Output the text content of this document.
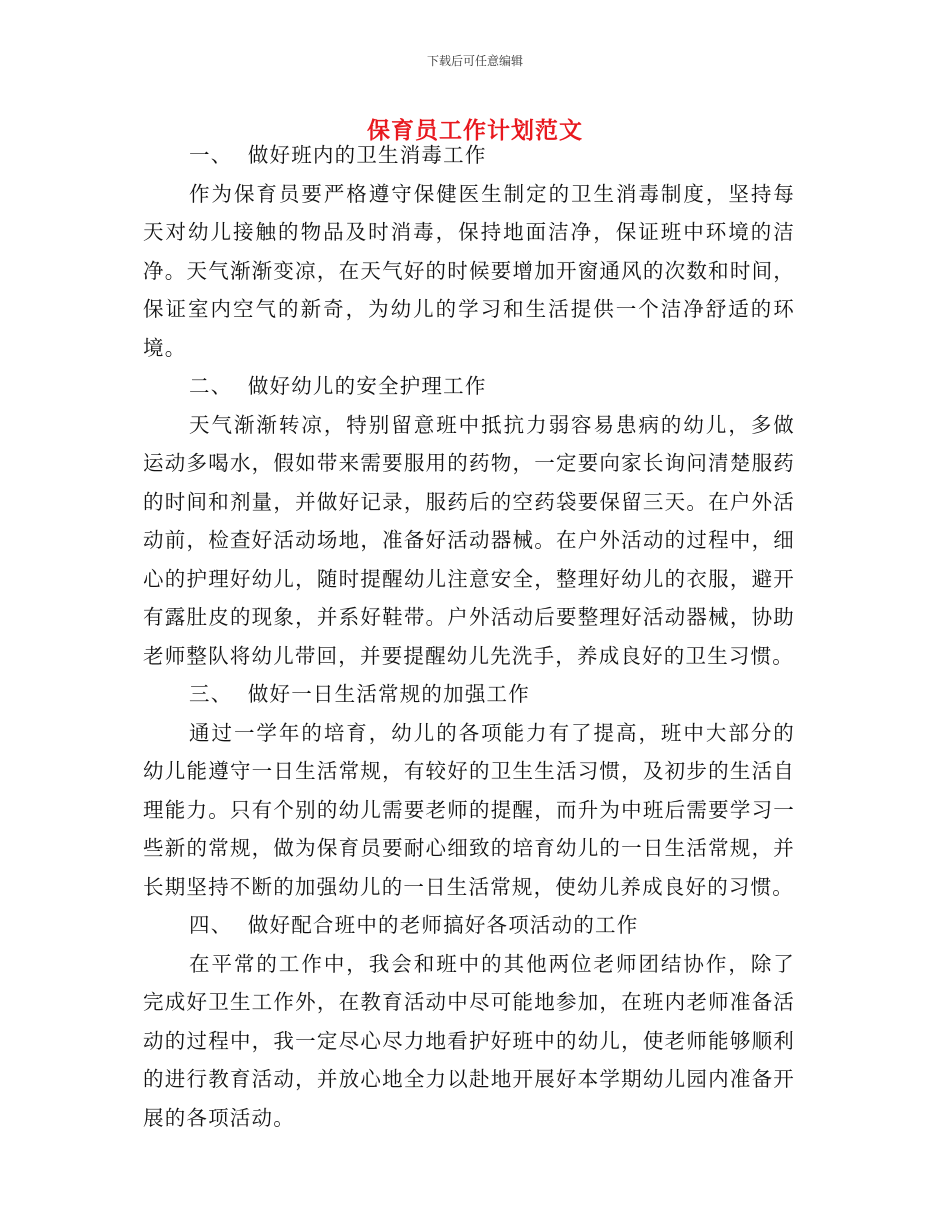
下载后可任意编辑
保育员工作计划范文

一、  做好班内的卫生消毒工作

作为保育员要严格遵守保健医生制定的卫生消毒制度，坚持每天对幼儿接触的物品及时消毒，保持地面洁净，保证班中环境的洁净。天气渐渐变凉，在天气好的时候要增加开窗通风的次数和时间，保证室内空气的新奇，为幼儿的学习和生活提供一个洁净舒适的环境。

二、  做好幼儿的安全护理工作

天气渐渐转凉，特别留意班中抵抗力弱容易患病的幼儿，多做运动多喝水，假如带来需要服用的药物，一定要向家长询问清楚服药的时间和剂量，并做好记录，服药后的空药袋要保留三天。在户外活动前，检查好活动场地，准备好活动器械。在户外活动的过程中，细心的护理好幼儿，随时提醒幼儿注意安全，整理好幼儿的衣服，避开有露肚皮的现象，并系好鞋带。户外活动后要整理好活动器械，协助老师整队将幼儿带回，并要提醒幼儿先洗手，养成良好的卫生习惯。

三、  做好一日生活常规的加强工作

通过一学年的培育，幼儿的各项能力有了提高，班中大部分的幼儿能遵守一日生活常规，有较好的卫生生活习惯，及初步的生活自理能力。只有个别的幼儿需要老师的提醒，而升为中班后需要学习一些新的常规，做为保育员要耐心细致的培育幼儿的一日生活常规，并长期坚持不断的加强幼儿的一日生活常规，使幼儿养成良好的习惯。

四、  做好配合班中的老师搞好各项活动的工作

在平常的工作中，我会和班中的其他两位老师团结协作，除了完成好卫生工作外，在教育活动中尽可能地参加，在班内老师准备活动的过程中，我一定尽心尽力地看护好班中的幼儿，使老师能够顺利的进行教育活动，并放心地全力以赴地开展好本学期幼儿园内准备开展的各项活动。
